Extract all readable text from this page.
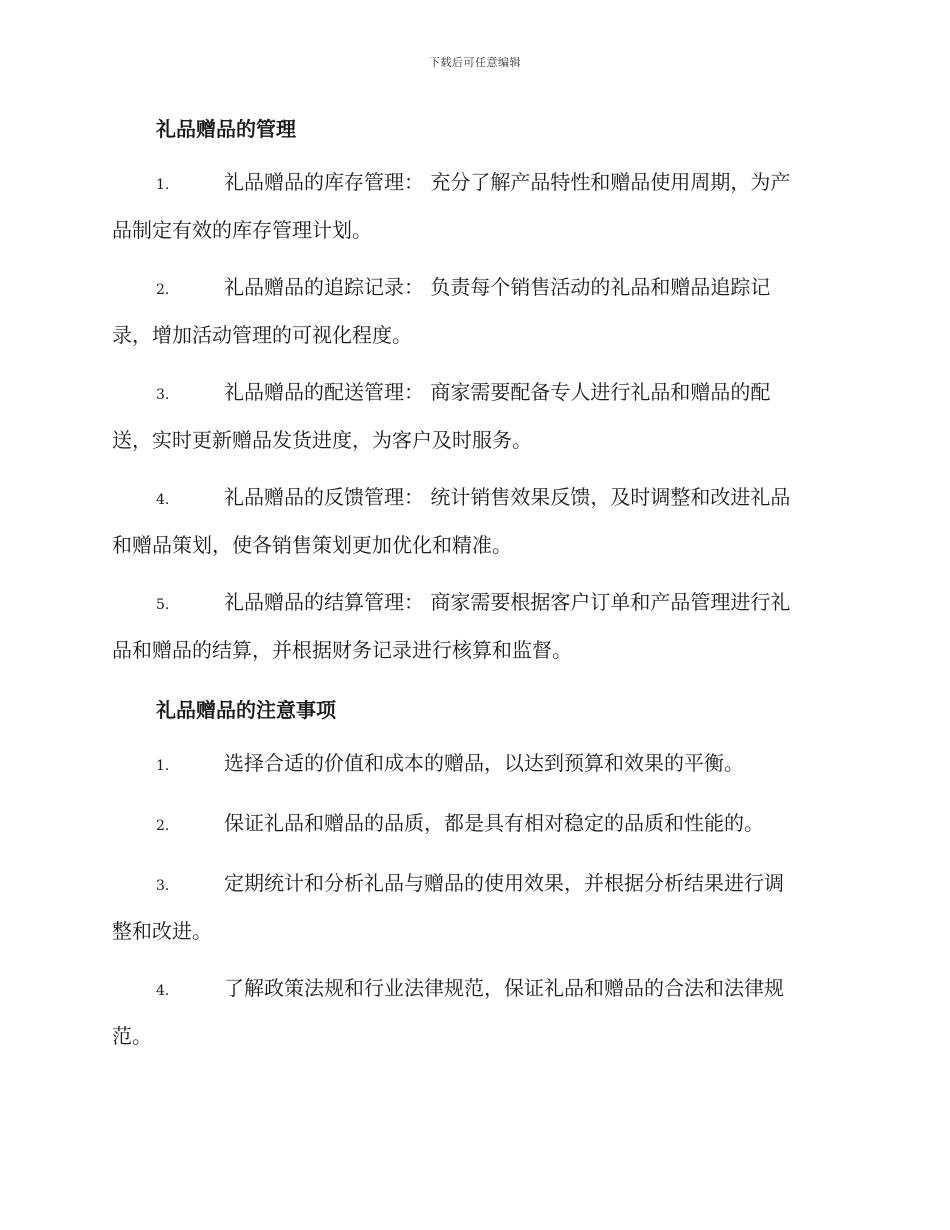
下载后可任意编辑
礼品赠品的管理
1.	礼品赠品的库存管理： 充分了解产品特性和赠品使用周期，为产
品制定有效的库存管理计划。
2.	礼品赠品的追踪记录： 负责每个销售活动的礼品和赠品追踪记
录，增加活动管理的可视化程度。
3.	礼品赠品的配送管理： 商家需要配备专人进行礼品和赠品的配
送，实时更新赠品发货进度，为客户及时服务。
4.	礼品赠品的反馈管理： 统计销售效果反馈，及时调整和改进礼品
和赠品策划，使各销售策划更加优化和精准。
5.	礼品赠品的结算管理： 商家需要根据客户订单和产品管理进行礼
品和赠品的结算，并根据财务记录进行核算和监督。
礼品赠品的注意事项
1.	选择合适的价值和成本的赠品，以达到预算和效果的平衡。
2.	保证礼品和赠品的品质，都是具有相对稳定的品质和性能的。
3.	定期统计和分析礼品与赠品的使用效果，并根据分析结果进行调
整和改进。
4.	了解政策法规和行业法律规范，保证礼品和赠品的合法和法律规
范。
